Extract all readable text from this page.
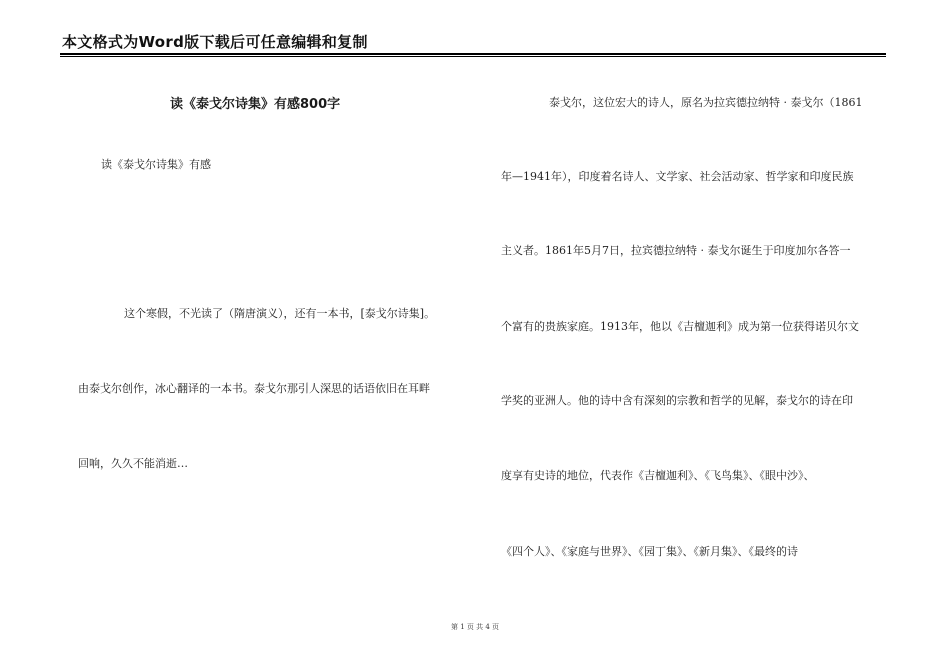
本文格式为Word版下载后可任意编辑和复制
读《泰戈尔诗集》有感800字
读《泰戈尔诗集》有感
这个寒假，不光读了（隋唐演义），还有一本书，[泰戈尔诗集]。
由泰戈尔创作，冰心翻译的一本书。泰戈尔那引人深思的话语依旧在耳畔
回响，久久不能消逝…
泰戈尔，这位宏大的诗人，原名为拉宾德拉纳特 · 泰戈尔（1861
年—1941年），印度着名诗人、文学家、社会活动家、哲学家和印度民族
主义者。1861年5月7日，拉宾德拉纳特 · 泰戈尔诞生于印度加尔各答一
个富有的贵族家庭。1913年，他以《吉檀迦利》成为第一位获得诺贝尔文
学奖的亚洲人。他的诗中含有深刻的宗教和哲学的见解，泰戈尔的诗在印
度享有史诗的地位，代表作《吉檀迦利》、《飞鸟集》、《眼中沙》、
《四个人》、《家庭与世界》、《园丁集》、《新月集》、《最终的诗
第 1 页 共 4 页
